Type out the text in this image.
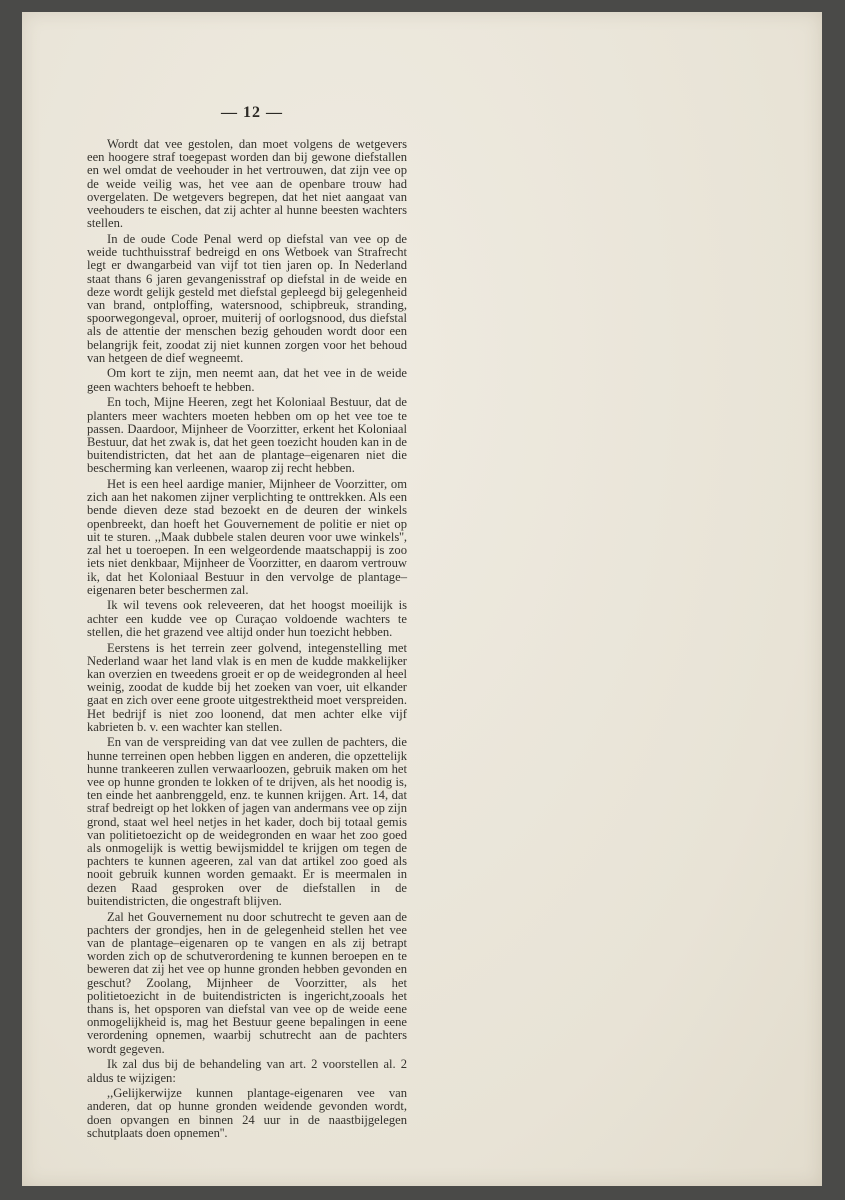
— 12 —

Wordt dat vee gestolen, dan moet volgens de wetgevers een hoogere straf toegepast worden dan bij gewone diefstallen en wel omdat de veehouder in het vertrouwen, dat zijn vee op de weide veilig was, het vee aan de openbare trouw had overgelaten. De wetgevers begrepen, dat het niet aangaat van veehouders te eischen, dat zij achter al hunne beesten wachters stellen.

In de oude Code Penal werd op diefstal van vee op de weide tuchthuisstraf bedreigd en ons Wetboek van Strafrecht legt er dwangarbeid van vijf tot tien jaren op. In Nederland staat thans 6 jaren gevangenisstraf op diefstal in de weide en deze wordt gelijk gesteld met diefstal gepleegd bij gelegenheid van brand, ontploffing, watersnood, schipbreuk, stranding, spoorwegongeval, oproer, muiterij of oorlogsnood, dus diefstal als de attentie der menschen bezig gehouden wordt door een belangrijk feit, zoodat zij niet kunnen zorgen voor het behoud van hetgeen de dief wegneemt.

Om kort te zijn, men neemt aan, dat het vee in de weide geen wachters behoeft te hebben.

En toch, Mijne Heeren, zegt het Koloniaal Bestuur, dat de planters meer wachters moeten hebben om op het vee toe te passen. Daardoor, Mijnheer de Voorzitter, erkent het Koloniaal Bestuur, dat het zwak is, dat het geen toezicht houden kan in de buitendistricten, dat het aan de plantage–eigenaren niet die bescherming kan verleenen, waarop zij recht hebben.

Het is een heel aardige manier, Mijnheer de Voorzitter, om zich aan het nakomen zijner verplichting te onttrekken. Als een bende dieven deze stad bezoekt en de deuren der winkels openbreekt, dan hoeft het Gouvernement de politie er niet op uit te sturen. ,,Maak dubbele stalen deuren voor uwe winkels'', zal het u toeroepen. In een welgeordende maatschappij is zoo iets niet denkbaar, Mijnheer de Voorzitter, en daarom vertrouw ik, dat het Koloniaal Bestuur in den vervolge de plantage–eigenaren beter beschermen zal.

Ik wil tevens ook releveeren, dat het hoogst moeilijk is achter een kudde vee op Curaçao voldoende wachters te stellen, die het grazend vee altijd onder hun toezicht hebben.

Eerstens is het terrein zeer golvend, integenstelling met Nederland waar het land vlak is en men de kudde makkelijker kan overzien en tweedens groeit er op de weidegronden al heel weinig, zoodat de kudde bij het zoeken van voer, uit elkander gaat en zich over eene groote uitgestrektheid moet verspreiden. Het bedrijf is niet zoo loonend, dat men achter elke vijf kabrieten b. v. een wachter kan stellen.

En van de verspreiding van dat vee zullen de pachters, die hunne terreinen open hebben liggen en anderen, die opzettelijk hunne trankeeren zullen verwaarloozen, gebruik maken om het vee op hunne gronden te lokken of te drijven, als het noodig is, ten einde het aanbrenggeld, enz. te kunnen krijgen. Art. 14, dat straf bedreigt op het lokken of jagen van andermans vee op zijn grond, staat wel heel netjes in het kader, doch bij totaal gemis van politietoezicht op de weidegronden en waar het zoo goed als onmogelijk is wettig bewijsmiddel te krijgen om tegen de pachters te kunnen ageeren, zal van dat artikel zoo goed als nooit gebruik kunnen worden gemaakt. Er is meermalen in dezen Raad gesproken over de diefstallen in de buitendistricten, die ongestraft blijven.

Zal het Gouvernement nu door schutrecht te geven aan de pachters der grondjes, hen in de gelegenheid stellen het vee van de plantage–eigenaren op te vangen en als zij betrapt worden zich op de schutverordening te kunnen beroepen en te beweren dat zij het vee op hunne gronden hebben gevonden en geschut? Zoolang, Mijnheer de Voorzitter, als het politietoezicht in de buitendistricten is ingericht,zooals het thans is, het opsporen van diefstal van vee op de weide eene onmogelijkheid is, mag het Bestuur geene bepalingen in eene verordening opnemen, waarbij schutrecht aan de pachters wordt gegeven.

Ik zal dus bij de behandeling van art. 2 voorstellen al. 2 aldus te wijzigen:

,,Gelijkerwijze kunnen plantage-eigenaren vee van anderen, dat op hunne gronden weidende gevonden wordt, doen opvangen en binnen 24 uur in de naastbijgelegen schutplaats doen opnemen''.
